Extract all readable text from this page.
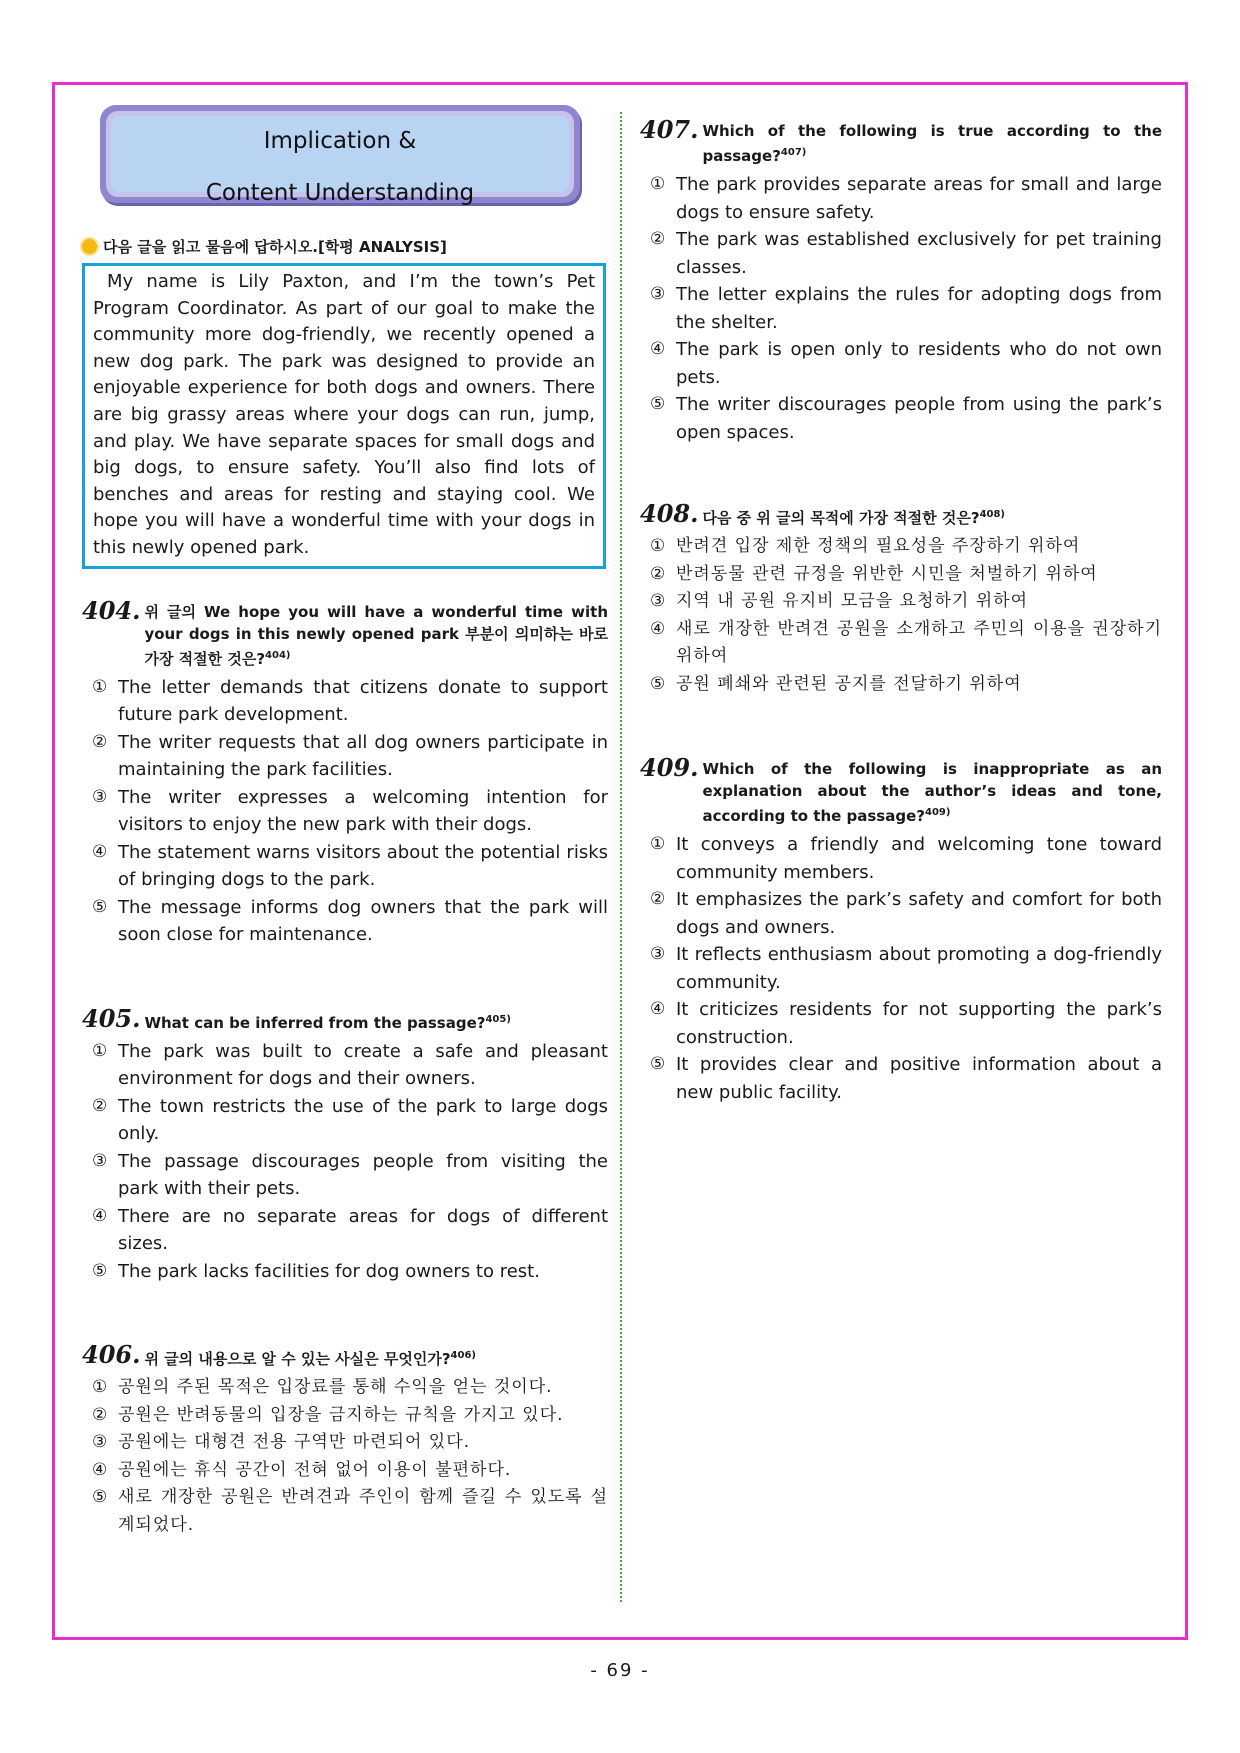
Implication &

Content Understanding

다음 글을 읽고 물음에 답하시오.[학평 ANALYSIS]
My name is Lily Paxton, and I’m the town’s Pet Program Coordinator. As part of our goal to make the community more dog-friendly, we recently opened a new dog park. The park was designed to provide an enjoyable experience for both dogs and owners. There are big grassy areas where your dogs can run, jump, and play. We have separate spaces for small dogs and big dogs, to ensure safety. You’ll also find lots of benches and areas for resting and staying cool. We hope you will have a wonderful time with your dogs in this newly opened park.
404. 위 글의 We hope you will have a wonderful time with your dogs in this newly opened park 부분이 의미하는 바로 가장 적절한 것은?$^{404)}$
① The letter demands that citizens donate to support future park development.
② The writer requests that all dog owners participate in maintaining the park facilities.
③ The writer expresses a welcoming intention for visitors to enjoy the new park with their dogs.
④ The statement warns visitors about the potential risks of bringing dogs to the park.
⑤ The message informs dog owners that the park will soon close for maintenance.
405. What can be inferred from the passage?$^{405)}$
① The park was built to create a safe and pleasant environment for dogs and their owners.
② The town restricts the use of the park to large dogs only.
③ The passage discourages people from visiting the park with their pets.
④ There are no separate areas for dogs of different sizes.
⑤ The park lacks facilities for dog owners to rest.
406. 위 글의 내용으로 알 수 있는 사실은 무엇인가?$^{406)}$
① 공원의 주된 목적은 입장료를 통해 수익을 얻는 것이다.
② 공원은 반려동물의 입장을 금지하는 규칙을 가지고 있다.
③ 공원에는 대형견 전용 구역만 마련되어 있다.
④ 공원에는 휴식 공간이 전혀 없어 이용이 불편하다.
⑤ 새로 개장한 공원은 반려견과 주인이 함께 즐길 수 있도록 설계되었다.
407. Which of the following is true according to the passage?$^{407)}$
① The park provides separate areas for small and large dogs to ensure safety.
② The park was established exclusively for pet training classes.
③ The letter explains the rules for adopting dogs from the shelter.
④ The park is open only to residents who do not own pets.
⑤ The writer discourages people from using the park’s open spaces.
408. 다음 중 위 글의 목적에 가장 적절한 것은?$^{408)}$
① 반려견 입장 제한 정책의 필요성을 주장하기 위하여
② 반려동물 관련 규정을 위반한 시민을 처벌하기 위하여
③ 지역 내 공원 유지비 모금을 요청하기 위하여
④ 새로 개장한 반려견 공원을 소개하고 주민의 이용을 권장하기 위하여
⑤ 공원 폐쇄와 관련된 공지를 전달하기 위하여
409. Which of the following is inappropriate as an explanation about the author’s ideas and tone, according to the passage?$^{409)}$
① It conveys a friendly and welcoming tone toward community members.
② It emphasizes the park’s safety and comfort for both dogs and owners.
③ It reflects enthusiasm about promoting a dog-friendly community.
④ It criticizes residents for not supporting the park’s construction.
⑤ It provides clear and positive information about a new public facility.
- 69 -
